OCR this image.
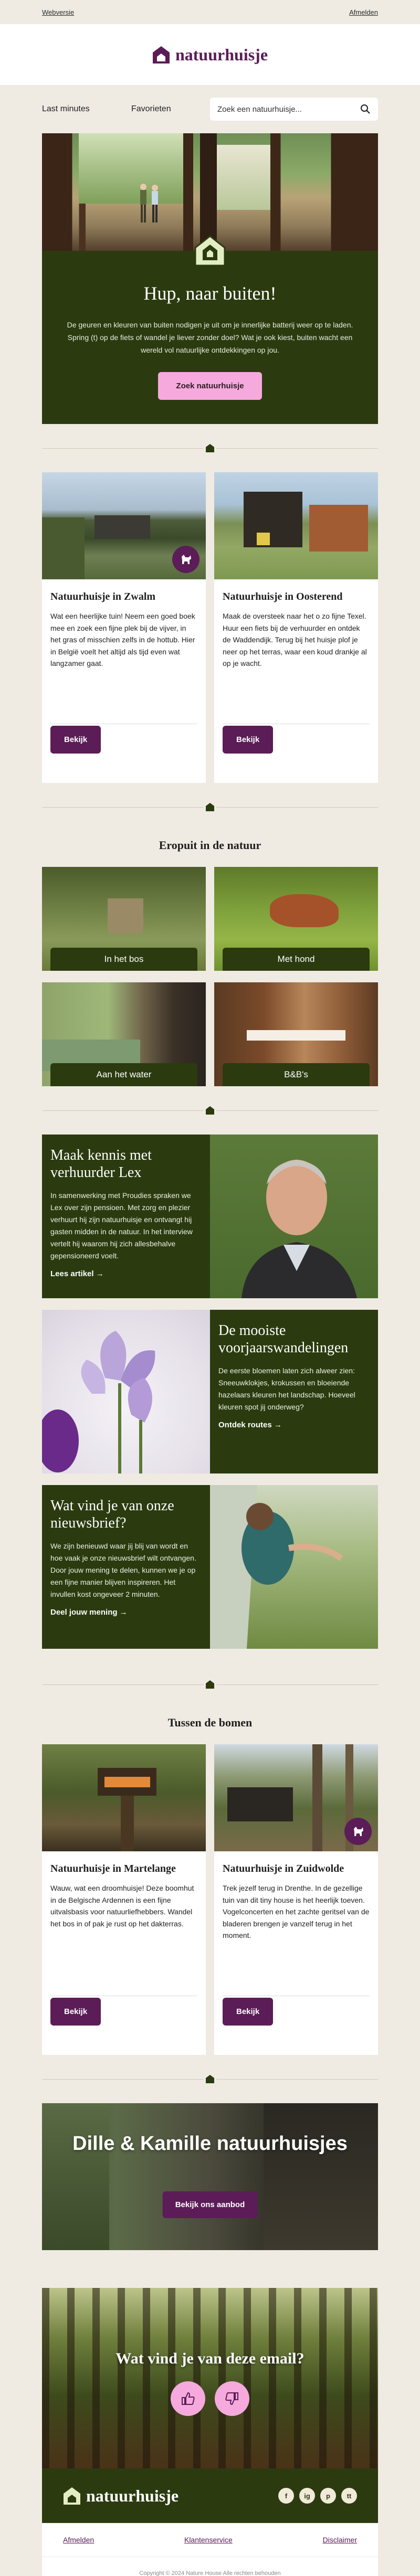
Webversie	Afmelden
natuurhuisje
Last minutes	Favorieten	Zoek een natuurhuisje...
Hup, naar buiten!

De geuren en kleuren van buiten nodigen je uit om je innerlijke batterij weer op te laden. Spring (t) op de fiets of wandel je liever zonder doel? Wat je ook kiest, buiten wacht een wereld vol natuurlijke ontdekkingen op jou.

Zoek natuurhuisje
Natuurhuisje in Zwalm

Wat een heerlijke tuin! Neem een goed boek mee en zoek een fijne plek bij de vijver, in het gras of misschien zelfs in de hottub. Hier in België voelt het altijd als tijd even wat langzamer gaat.

Bekijk
Natuurhuisje in Oosterend

Maak de oversteek naar het o zo fijne Texel. Huur een fiets bij de verhuurder en ontdek de Waddendijk. Terug bij het huisje plof je neer op het terras, waar een koud drankje al op je wacht.

Bekijk
Eropuit in de natuur
In het bos	Met hond
Aan het water	B&B's
Maak kennis met verhuurder Lex

In samenwerking met Proudies spraken we Lex over zijn pensioen. Met zorg en plezier verhuurt hij zijn natuurhuisje en ontvangt hij gasten midden in de natuur. In het interview vertelt hij waarom hij zich allesbehalve gepensioneerd voelt.

Lees artikel →
De mooiste voorjaarswandelingen

De eerste bloemen laten zich alweer zien: Sneeuwklokjes, krokussen en bloeiende hazelaars kleuren het landschap. Hoeveel kleuren spot jij onderweg?

Ontdek routes →
Wat vind je van onze nieuwsbrief?

We zijn benieuwd waar jij blij van wordt en hoe vaak je onze nieuwsbrief wilt ontvangen. Door jouw mening te delen, kunnen we je op een fijne manier blijven inspireren. Het invullen kost ongeveer 2 minuten.

Deel jouw mening →
Tussen de bomen
Natuurhuisje in Martelange

Wauw, wat een droomhuisje! Deze boomhut in de Belgische Ardennen is een fijne uitvalsbasis voor natuurliefhebbers. Wandel het bos in of pak je rust op het dakterras.

Bekijk
Natuurhuisje in Zuidwolde

Trek jezelf terug in Drenthe. In de gezellige tuin van dit tiny house is het heerlijk toeven. Vogelconcerten en het zachte geritsel van de bladeren brengen je vanzelf terug in het moment.

Bekijk
Dille & Kamille natuurhuisjes
Bekijk ons aanbod
Wat vind je van deze email?
natuurhuisje	f	ig	p	tt
Afmelden	Klantenservice	Disclaimer
Copyright © 2024 Nature House Alle rechten behouden
